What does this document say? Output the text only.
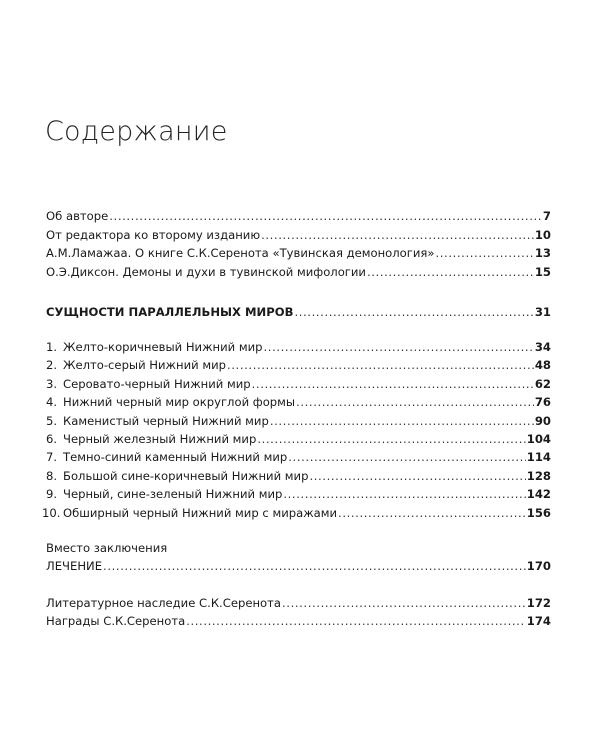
Содержание
Об авторе .....	7
От редактора ко второму изданию .....	10
А.М.Ламажаа. О книге С.К.Серенота «Тувинская демонология» .....	13
О.Э.Диксон. Демоны и духи в тувинской мифологии .....	15
СУЩНОСТИ ПАРАЛЛЕЛЬНЫХ МИРОВ .....	31
1. Желто-коричневый Нижний мир .....	34
2. Желто-серый Нижний мир .....	48
3. Серовато-черный Нижний мир .....	62
4. Нижний черный мир округлой формы .....	76
5. Каменистый черный Нижний мир .....	90
6. Черный железный Нижний мир .....	104
7. Темно-синий каменный Нижний мир .....	114
8. Большой сине-коричневый Нижний мир .....	128
9. Черный, сине-зеленый Нижний мир .....	142
10. Обширный черный Нижний мир с миражами .....	156
Вместо заключения
ЛЕЧЕНИЕ .....	170
Литературное наследие С.К.Серенота .....	172
Награды С.К.Серенота .....	174
